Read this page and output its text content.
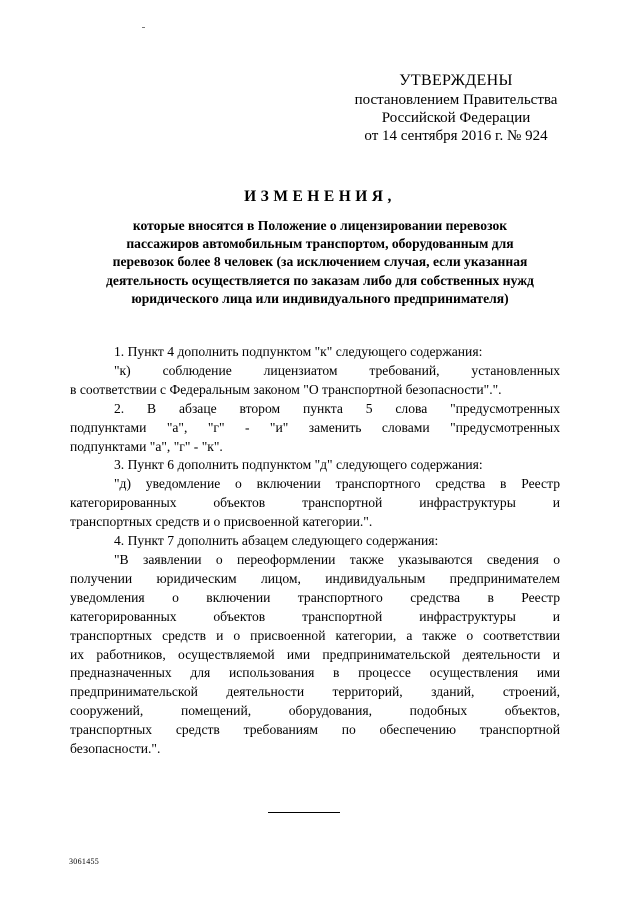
УТВЕРЖДЕНЫ
постановлением Правительства
Российской Федерации
от 14 сентября 2016 г. № 924
ИЗМЕНЕНИЯ,
которые вносятся в Положение о лицензировании перевозок
пассажиров автомобильным транспортом, оборудованным для
перевозок более 8 человек (за исключением случая, если указанная
деятельность осуществляется по заказам либо для собственных нужд
юридического лица или индивидуального предпринимателя)
1. Пункт 4 дополнить подпунктом "к" следующего содержания:
"к) соблюдение лицензиатом требований, установленных
в соответствии с Федеральным законом "О транспортной безопасности".".
2. В абзаце втором пункта 5 слова "предусмотренных
подпунктами "а", "г" - "и" заменить словами "предусмотренных
подпунктами "а", "г" - "к".
3. Пункт 6 дополнить подпунктом "д" следующего содержания:
"д) уведомление о включении транспортного средства в Реестр
категорированных объектов транспортной инфраструктуры и
транспортных средств и о присвоенной категории.".
4. Пункт 7 дополнить абзацем следующего содержания:
"В заявлении о переоформлении также указываются сведения о
получении юридическим лицом, индивидуальным предпринимателем
уведомления о включении транспортного средства в Реестр
категорированных объектов транспортной инфраструктуры и
транспортных средств и о присвоенной категории, а также о соответствии
их работников, осуществляемой ими предпринимательской деятельности и
предназначенных для использования в процессе осуществления ими
предпринимательской деятельности территорий, зданий, строений,
сооружений, помещений, оборудования, подобных объектов,
транспортных средств требованиям по обеспечению транспортной
безопасности.".
3061455
